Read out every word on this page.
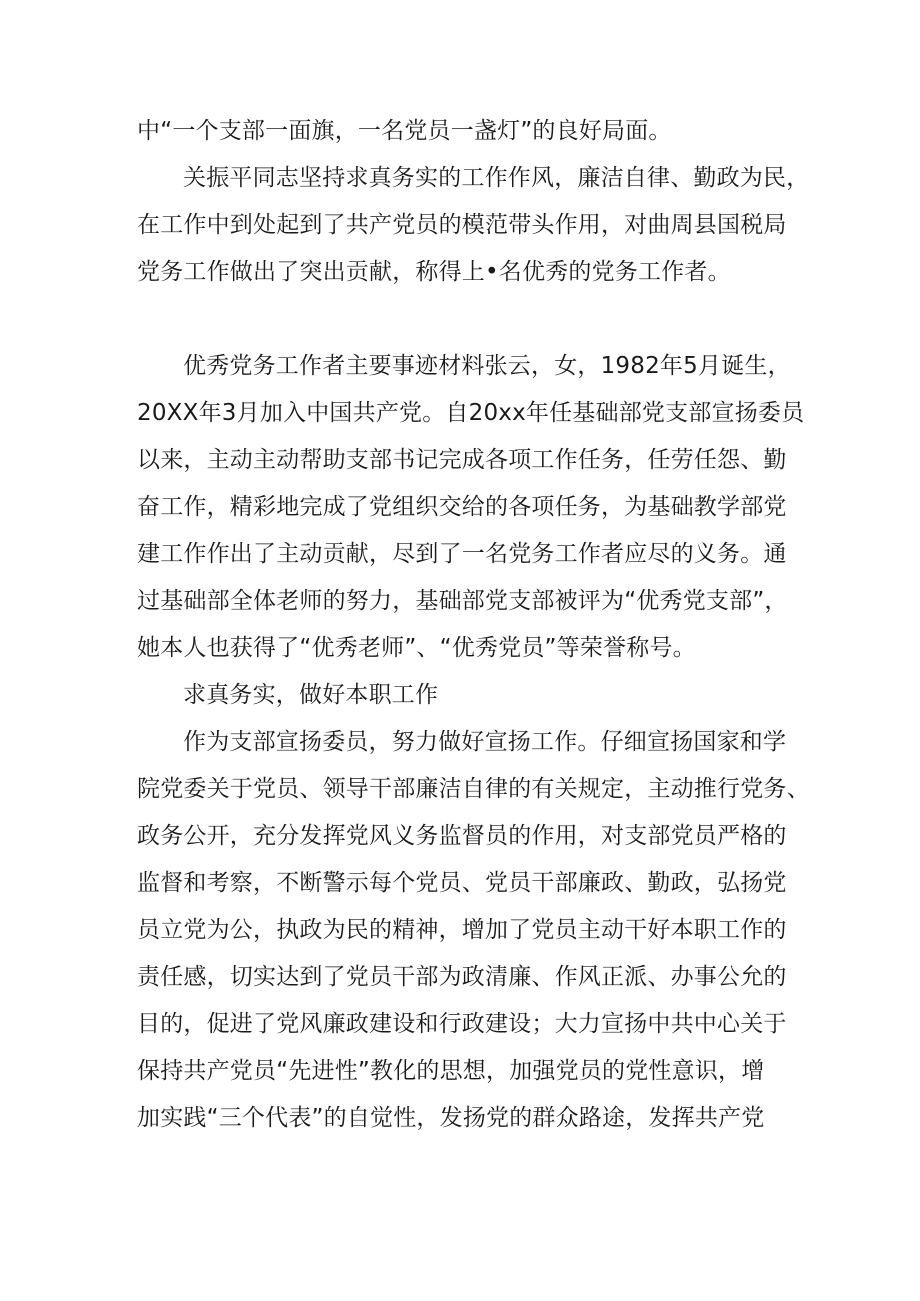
中“一个支部一面旗，一名党员一盏灯”的良好局面。
关振平同志坚持求真务实的工作作风，廉洁自律、勤政为民，
在工作中到处起到了共产党员的模范带头作用，对曲周县国税局
党务工作做出了突出贡献，称得上•名优秀的党务工作者。
优秀党务工作者主要事迹材料张云，女，1982年5月诞生，
20XX年3月加入中国共产党。自20xx年任基础部党支部宣扬委员
以来，主动主动帮助支部书记完成各项工作任务，任劳任怨、勤
奋工作，精彩地完成了党组织交给的各项任务，为基础教学部党
建工作作出了主动贡献，尽到了一名党务工作者应尽的义务。通
过基础部全体老师的努力，基础部党支部被评为“优秀党支部”，
她本人也获得了“优秀老师”、“优秀党员”等荣誉称号。
求真务实，做好本职工作
作为支部宣扬委员，努力做好宣扬工作。仔细宣扬国家和学
院党委关于党员、领导干部廉洁自律的有关规定，主动推行党务、
政务公开，充分发挥党风义务监督员的作用，对支部党员严格的
监督和考察，不断警示每个党员、党员干部廉政、勤政，弘扬党
员立党为公，执政为民的精神，增加了党员主动干好本职工作的
责任感，切实达到了党员干部为政清廉、作风正派、办事公允的
目的，促进了党风廉政建设和行政建设；大力宣扬中共中心关于
保持共产党员“先进性”教化的思想，加强党员的党性意识，增
加实践“三个代表”的自觉性，发扬党的群众路途，发挥共产党
